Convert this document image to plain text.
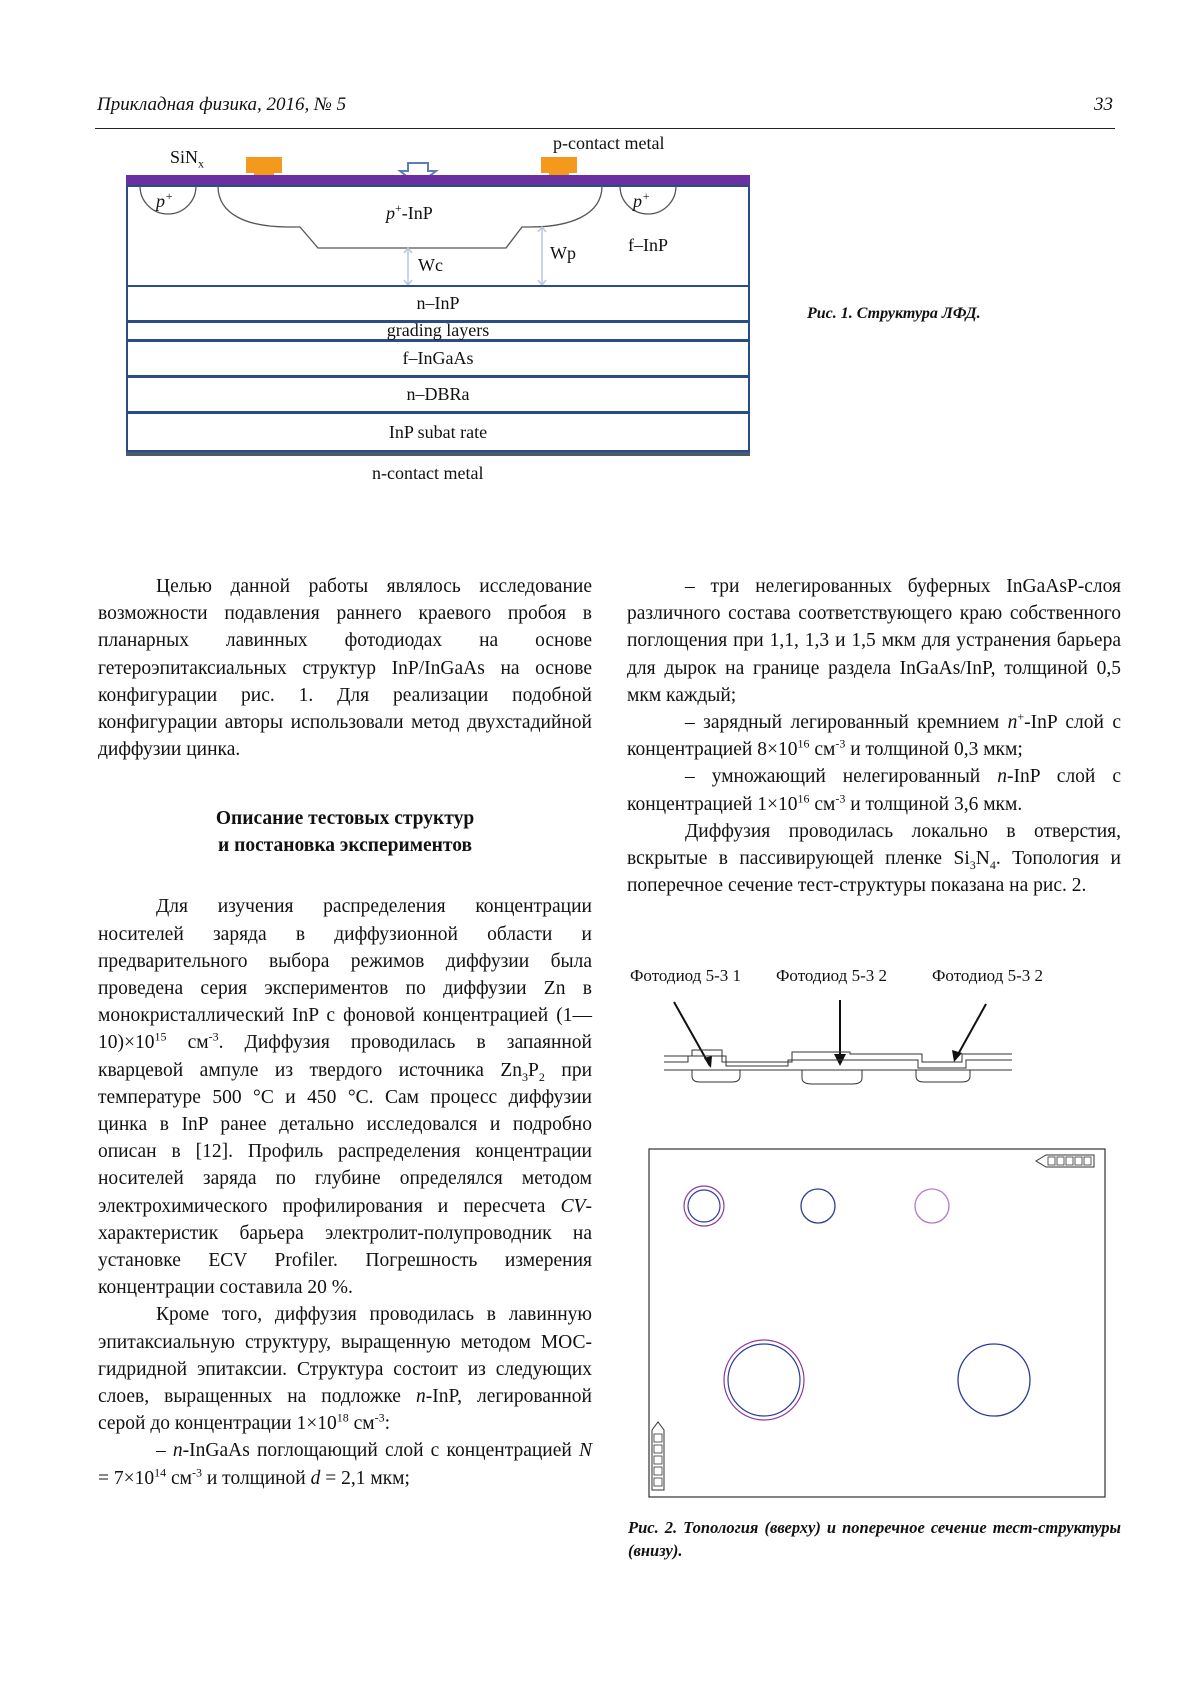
Прикладная физика, 2016, № 5	33
SiN$_x$
p-contact metal
p+	p+
p+-InP
f–InP
Wc
Wp
n–InP
grading layers
f–InGaAs
n–DBRa
InP subat rate
n-contact metal
Рис. 1. Структура ЛФД.

Целью данной работы являлось исследование возможности подавления раннего краевого пробоя в планарных лавинных фотодиодах на основе гетероэпитаксиальных структур InP/InGaAs на основе конфигурации рис. 1. Для реализации подобной конфигурации авторы использовали метод двухстадийной диффузии цинка.

Описание тестовых структур
и постановка экспериментов

Для изучения распределения концентрации носителей заряда в диффузионной области и предварительного выбора режимов диффузии была проведена серия экспериментов по диффузии Zn в монокристаллический InP с фоновой концентрацией $(1—10)\times 10^{15}$ $см^{-3}$. Диффузия проводилась в запаянной кварцевой ампуле из твердого источника $Zn_3P_2$ при температуре 500 °С и 450 °С. Сам процесс диффузии цинка в InP ранее детально исследовался и подробно описан в [12]. Профиль распределения концентрации носителей заряда по глубине определялся методом электрохимического профилирования и пересчета CV-характеристик барьера электролит-полупроводник на установке ECV Profiler. Погрешность измерения концентрации составила 20 %.

Кроме того, диффузия проводилась в лавинную эпитаксиальную структуру, выращенную методом МОС-гидридной эпитаксии. Структура состоит из следующих слоев, выращенных на подложке n-InP, легированной серой до концентрации $1\times 10^{18}$ $см^{-3}$:

– n-InGaAs поглощающий слой с концентрацией $N = 7\times 10^{14}$ $см^{-3}$ и толщиной d = 2,1 мкм;

– три нелегированных буферных InGaAsP-слоя различного состава соответствующего краю собственного поглощения при 1,1, 1,3 и 1,5 мкм для устранения барьера для дырок на границе раздела InGaAs/InP, толщиной 0,5 мкм каждый;

– зарядный легированный кремнием n+-InP слой с концентрацией $8\times 10^{16}$ $см^{-3}$ и толщиной 0,3 мкм;

– умножающий нелегированный n-InP слой с концентрацией $1\times 10^{16}$ $см^{-3}$ и толщиной 3,6 мкм.

Диффузия проводилась локально в отверстия, вскрытые в пассивирующей пленке $Si_3N_4$. Топология и поперечное сечение тест-структуры показана на рис. 2.

Фотодиод 5-3 1 Фотодиод 5-3 2	Фотодиод 5-3 2
Рис. 2. Топология (вверху) и поперечное сечение тест-структуры (внизу).
